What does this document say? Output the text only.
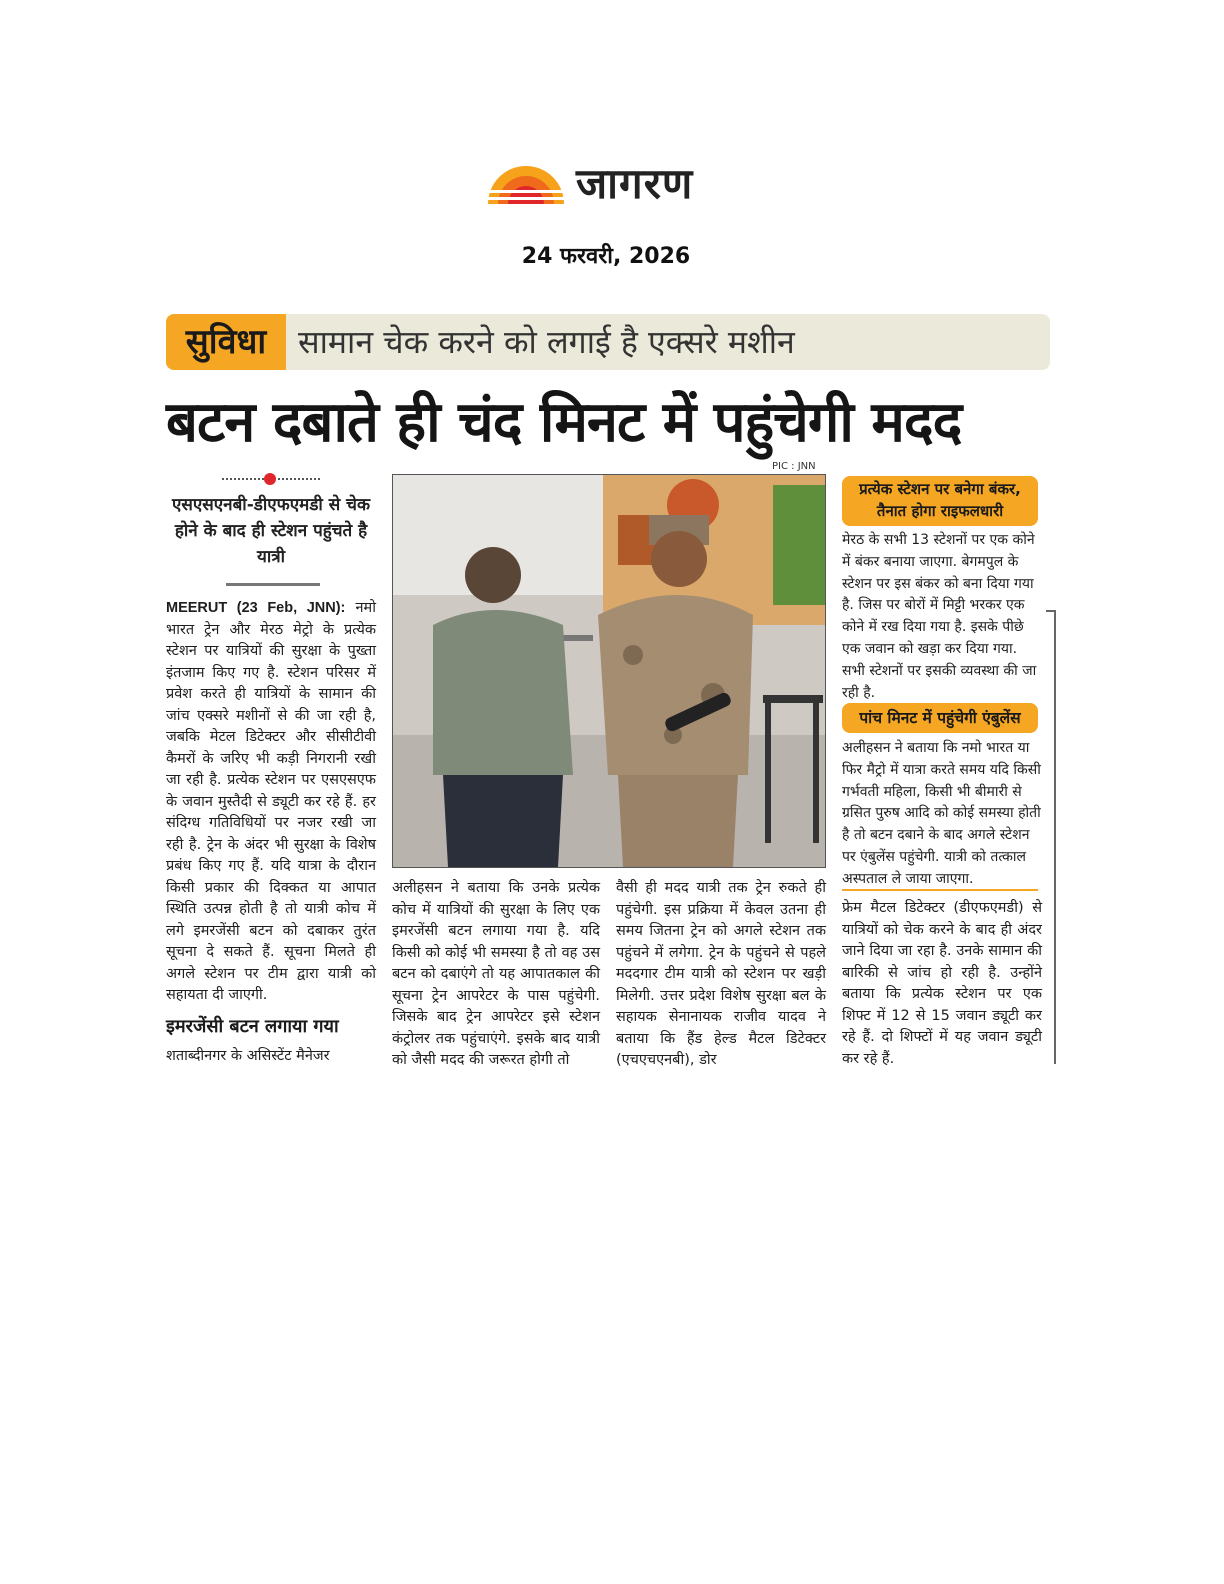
जागरण
24 फरवरी, 2026
सुविधा सामान चेक करने को लगाई है एक्सरे मशीन
बटन दबाते ही चंद मिनट में पहुंचेगी मदद
PIC : JNN
एसएसएनबी-डीएफएमडी से चेक होने के बाद ही स्टेशन पहुंचते है यात्री
MEERUT (23 Feb, JNN): नमो भारत ट्रेन और मेरठ मेट्रो के प्रत्येक स्टेशन पर यात्रियों की सुरक्षा के पुख्ता इंतजाम किए गए है. स्टेशन परिसर में प्रवेश करते ही यात्रियों के सामान की जांच एक्सरे मशीनों से की जा रही है, जबकि मेटल डिटेक्टर और सीसीटीवी कैमरों के जरिए भी कड़ी निगरानी रखी जा रही है. प्रत्येक स्टेशन पर एसएसएफ के जवान मुस्तैदी से ड्यूटी कर रहे हैं. हर संदिग्ध गतिविधियों पर नजर रखी जा रही है. ट्रेन के अंदर भी सुरक्षा के विशेष प्रबंध किए गए हैं. यदि यात्रा के दौरान किसी प्रकार की दिक्कत या आपात स्थिति उत्पन्न होती है तो यात्री कोच में लगे इमरजेंसी बटन को दबाकर तुरंत सूचना दे सकते हैं. सूचना मिलते ही अगले स्टेशन पर टीम द्वारा यात्री को सहायता दी जाएगी.
इमरजेंसी बटन लगाया गया
शताब्दीनगर के असिस्टेंट मैनेजर
अलीहसन ने बताया कि उनके प्रत्येक कोच में यात्रियों की सुरक्षा के लिए एक इमरजेंसी बटन लगाया गया है. यदि किसी को कोई भी समस्या है तो वह उस बटन को दबाएंगे तो यह आपातकाल की सूचना ट्रेन आपरेटर के पास पहुंचेगी. जिसके बाद ट्रेन आपरेटर इसे स्टेशन कंट्रोलर तक पहुंचाएंगे. इसके बाद यात्री को जैसी मदद की जरूरत होगी तो
वैसी ही मदद यात्री तक ट्रेन रुकते ही पहुंचेगी. इस प्रक्रिया में केवल उतना ही समय जितना ट्रेन को अगले स्टेशन तक पहुंचने में लगेगा. ट्रेन के पहुंचने से पहले मददगार टीम यात्री को स्टेशन पर खड़ी मिलेगी. उत्तर प्रदेश विशेष सुरक्षा बल के सहायक सेनानायक राजीव यादव ने बताया कि हैंड हेल्ड मैटल डिटेक्टर (एचएचएनबी), डोर
प्रत्येक स्टेशन पर बनेगा बंकर, तैनात होगा राइफलधारी
मेरठ के सभी 13 स्टेशनों पर एक कोने में बंकर बनाया जाएगा. बेगमपुल के स्टेशन पर इस बंकर को बना दिया गया है. जिस पर बोरों में मिट्टी भरकर एक कोने में रख दिया गया है. इसके पीछे एक जवान को खड़ा कर दिया गया. सभी स्टेशनों पर इसकी व्यवस्था की जा रही है.
पांच मिनट में पहुंचेगी एंबुलेंस
अलीहसन ने बताया कि नमो भारत या फिर मैट्रो में यात्रा करते समय यदि किसी गर्भवती महिला, किसी भी बीमारी से ग्रसित पुरुष आदि को कोई समस्या होती है तो बटन दबाने के बाद अगले स्टेशन पर एंबुलेंस पहुंचेगी. यात्री को तत्काल अस्पताल ले जाया जाएगा.
फ्रेम मैटल डिटेक्टर (डीएफएमडी) से यात्रियों को चेक करने के बाद ही अंदर जाने दिया जा रहा है. उनके सामान की बारिकी से जांच हो रही है. उन्होंने बताया कि प्रत्येक स्टेशन पर एक शिफ्ट में 12 से 15 जवान ड्यूटी कर रहे हैं. दो शिफ्टों में यह जवान ड्यूटी कर रहे हैं.
